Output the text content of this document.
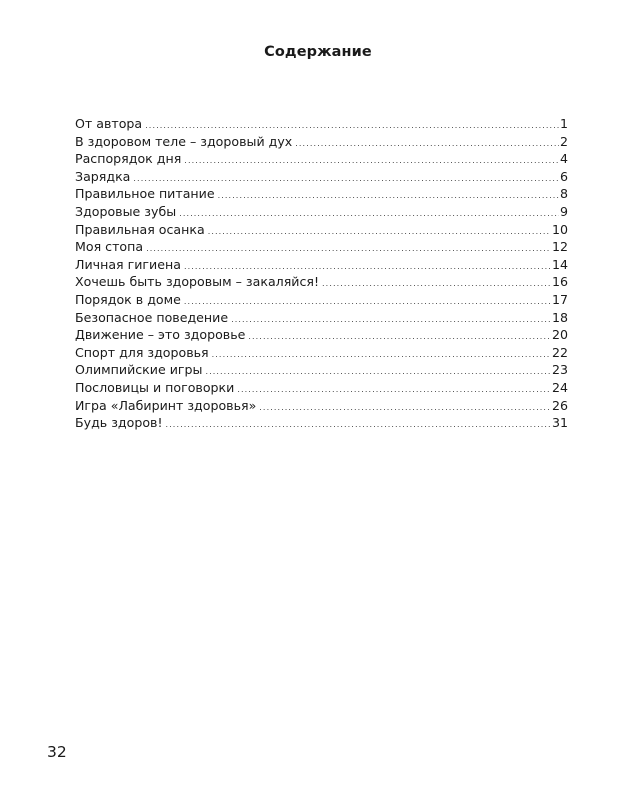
Содержание
От автора .....	1
В здоровом теле – здоровый дух .....	2
Распорядок дня .....	4
Зарядка .....	6
Правильное питание .....	8
Здоровые зубы .....	9
Правильная осанка .....	10
Моя стопа .....	12
Личная гигиена .....	14
Хочешь быть здоровым – закаляйся! .....	16
Порядок в доме .....	17
Безопасное поведение .....	18
Движение – это здоровье .....	20
Спорт для здоровья .....	22
Олимпийские игры .....	23
Пословицы и поговорки .....	24
Игра «Лабиринт здоровья» .....	26
Будь здоров! .....	31
32
